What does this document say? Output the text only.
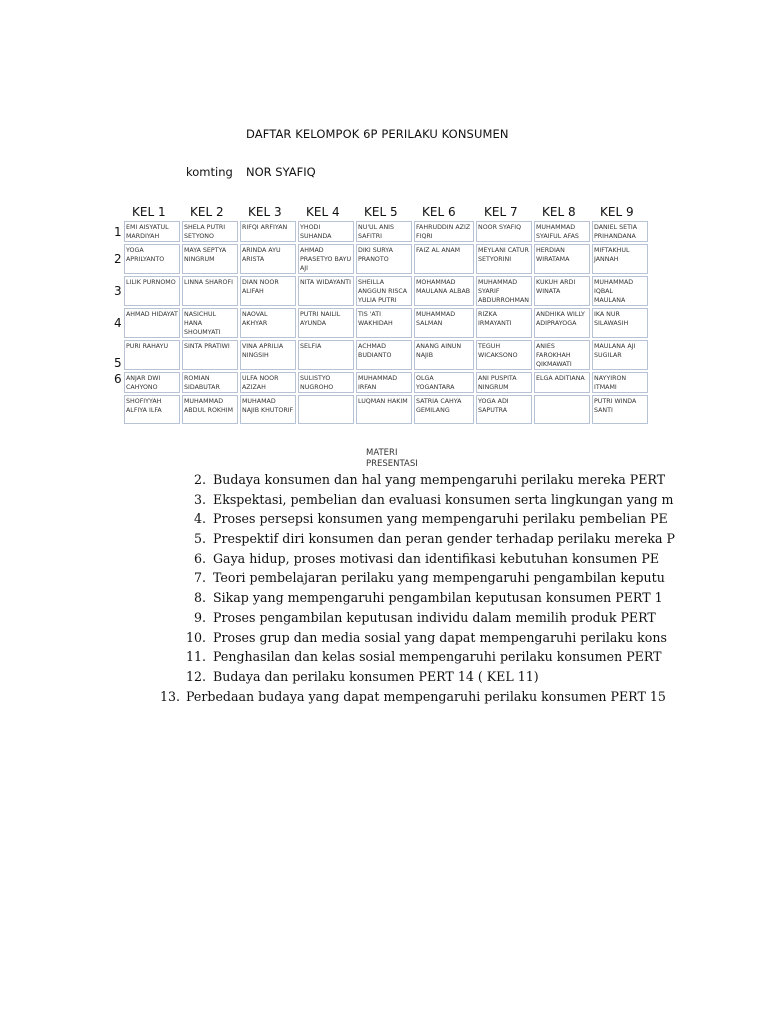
DAFTAR KELOMPOK 6P PERILAKU KONSUMEN
komting NOR SYAFIQ
	KEL 1	KEL 2	KEL 3	KEL 4	KEL 5	KEL 6	KEL 7	KEL 8	KEL 9
1	EMI AISYATUL MARDIYAH	SHELA PUTRI SETYONO	RIFQI ARFIYAN	YHODI SUHANDA	NU'UL ANIS SAFITRI	FAHRUDDIN AZIZ FIQRI	NOOR SYAFIQ	MUHAMMAD SYAIFUL AFAS	DANIEL SETIA PRIHANDANA
2	YOGA APRILYANTO	MAYA SEPTYA NINGRUM	ARINDA AYU ARISTA	AHMAD PRASETYO BAYU AJI	DIKI SURYA PRANOTO	FAIZ AL ANAM	MEYLANI CATUR SETYORINI	HERDIAN WIRATAMA	MIFTAKHUL JANNAH
3	LILIK PURNOMO	LINNA SHAROFI	DIAN NOOR ALIFAH	NITA WIDAYANTI	SHEILLA ANGGUN RISCA YULIA PUTRI	MOHAMMAD MAULANA ALBAB	MUHAMMAD SYARIF ABDURROHMAN	KUKUH ARDI WINATA	MUHAMMAD IQBAL MAULANA
4	AHMAD HIDAYAT	NASICHUL HANA SHOUMYATI	NAOVAL AKHYAR	PUTRI NAILIL AYUNDA	TIS 'ATI WAKHIDAH	MUHAMMAD SALMAN	RIZKA IRMAYANTI	ANDHIKA WILLY ADIPRAYOGA	IKA NUR SILAWASIH
5	PURI RAHAYU	SINTA PRATIWI	VINA APRILIA NINGSIH	SELFIA	ACHMAD BUDIANTO	ANANG AINUN NAJIB	TEGUH WICAKSONO	ANIES FAROKHAH QIKMAWATI	MAULANA AJI SUGILAR
6	ANJAR DWI CAHYONO	ROMIAN SIDABUTAR	ULFA NOOR AZIZAH	SULISTYO NUGROHO	MUHAMMAD IRFAN	OLGA YOGANTARA	ANI PUSPITA NINGRUM	ELGA ADITIANA	NAYYIRON ITMAMI
	SHOFIYYAH ALFIYA ILFA	MUHAMMAD ABDUL ROKHIM	MUHAMAD NAJIB KHUTORIF		LUQMAN HAKIM	SATRIA CAHYA GEMILANG	YOGA ADI SAPUTRA		PUTRI WINDA SANTI
MATERI
PRESENTASI
2. Budaya konsumen dan hal yang mempengaruhi perilaku mereka PERT
3. Ekspektasi, pembelian dan evaluasi konsumen serta lingkungan yang m
4. Proses persepsi konsumen yang mempengaruhi perilaku pembelian PE
5. Prespektif diri konsumen dan peran gender terhadap perilaku mereka P
6. Gaya hidup, proses motivasi dan identifikasi kebutuhan konsumen PE
7. Teori pembelajaran perilaku yang mempengaruhi pengambilan keputu
8. Sikap yang mempengaruhi pengambilan keputusan konsumen PERT 1
9. Proses pengambilan keputusan individu dalam memilih produk PERT
10. Proses grup dan media sosial yang dapat mempengaruhi perilaku kons
11. Penghasilan dan kelas sosial mempengaruhi perilaku konsumen PERT
12. Budaya dan perilaku konsumen PERT 14 ( KEL 11)
13. Perbedaan budaya yang dapat mempengaruhi perilaku konsumen PERT 15
